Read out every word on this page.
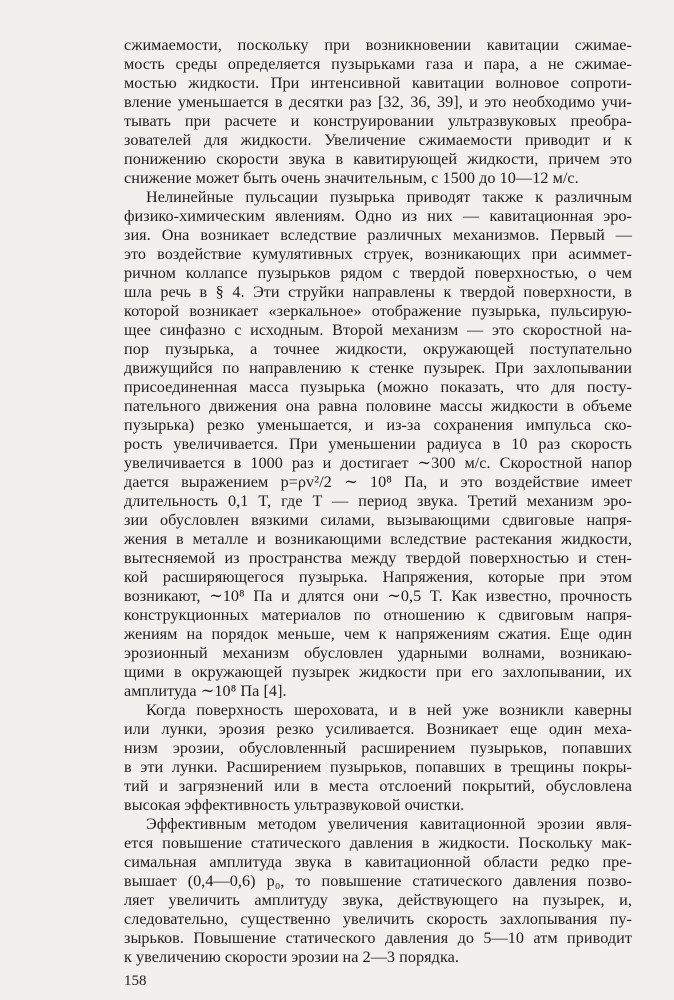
сжимаемости, поскольку при возникновении кавитации сжимае-
мость среды определяется пузырьками газа и пара, а не сжимае-
мостью жидкости. При интенсивной кавитации волновое сопроти-
вление уменьшается в десятки раз [32, 36, 39], и это необходимо учи-
тывать при расчете и конструировании ультразвуковых преобра-
зователей для жидкости. Увеличение сжимаемости приводит и к
понижению скорости звука в кавитирующей жидкости, причем это
снижение может быть очень значительным, с 1500 до 10—12 м/с.
Нелинейные пульсации пузырька приводят также к различным
физико-химическим явлениям. Одно из них — кавитационная эро-
зия. Она возникает вследствие различных механизмов. Первый —
это воздействие кумулятивных струек, возникающих при асиммет-
ричном коллапсе пузырьков рядом с твердой поверхностью, о чем
шла речь в § 4. Эти струйки направлены к твердой поверхности, в
которой возникает «зеркальное» отображение пузырька, пульсирую-
щее синфазно с исходным. Второй механизм — это скоростной на-
пор пузырька, а точнее жидкости, окружающей поступательно
движущийся по направлению к стенке пузырек. При захлопывании
присоединенная масса пузырька (можно показать, что для посту-
пательного движения она равна половине массы жидкости в объеме
пузырька) резко уменьшается, и из-за сохранения импульса ско-
рость увеличивается. При уменьшении радиуса в 10 раз скорость
увеличивается в 1000 раз и достигает ∼300 м/с. Скоростной напор
дается выражением p=ρv²/2 ∼ 10⁸ Па, и это воздействие имеет
длительность 0,1 T, где T — период звука. Третий механизм эро-
зии обусловлен вязкими силами, вызывающими сдвиговые напря-
жения в металле и возникающими вследствие растекания жидкости,
вытесняемой из пространства между твердой поверхностью и стен-
кой расширяющегося пузырька. Напряжения, которые при этом
возникают, ∼10⁸ Па и длятся они ∼0,5 T. Как известно, прочность
конструкционных материалов по отношению к сдвиговым напря-
жениям на порядок меньше, чем к напряжениям сжатия. Еще один
эрозионный механизм обусловлен ударными волнами, возникаю-
щими в окружающей пузырек жидкости при его захлопывании, их
амплитуда ∼10⁸ Па [4].
Когда поверхность шероховата, и в ней уже возникли каверны
или лунки, эрозия резко усиливается. Возникает еще один меха-
низм эрозии, обусловленный расширением пузырьков, попавших
в эти лунки. Расширением пузырьков, попавших в трещины покры-
тий и загрязнений или в места отслоений покрытий, обусловлена
высокая эффективность ультразвуковой очистки.
Эффективным методом увеличения кавитационной эрозии явля-
ется повышение статического давления в жидкости. Поскольку мак-
симальная амплитуда звука в кавитационной области редко пре-
вышает (0,4—0,6) p₀, то повышение статического давления позво-
ляет увеличить амплитуду звука, действующего на пузырек, и,
следовательно, существенно увеличить скорость захлопывания пу-
зырьков. Повышение статического давления до 5—10 атм приводит
к увеличению скорости эрозии на 2—3 порядка.
158
